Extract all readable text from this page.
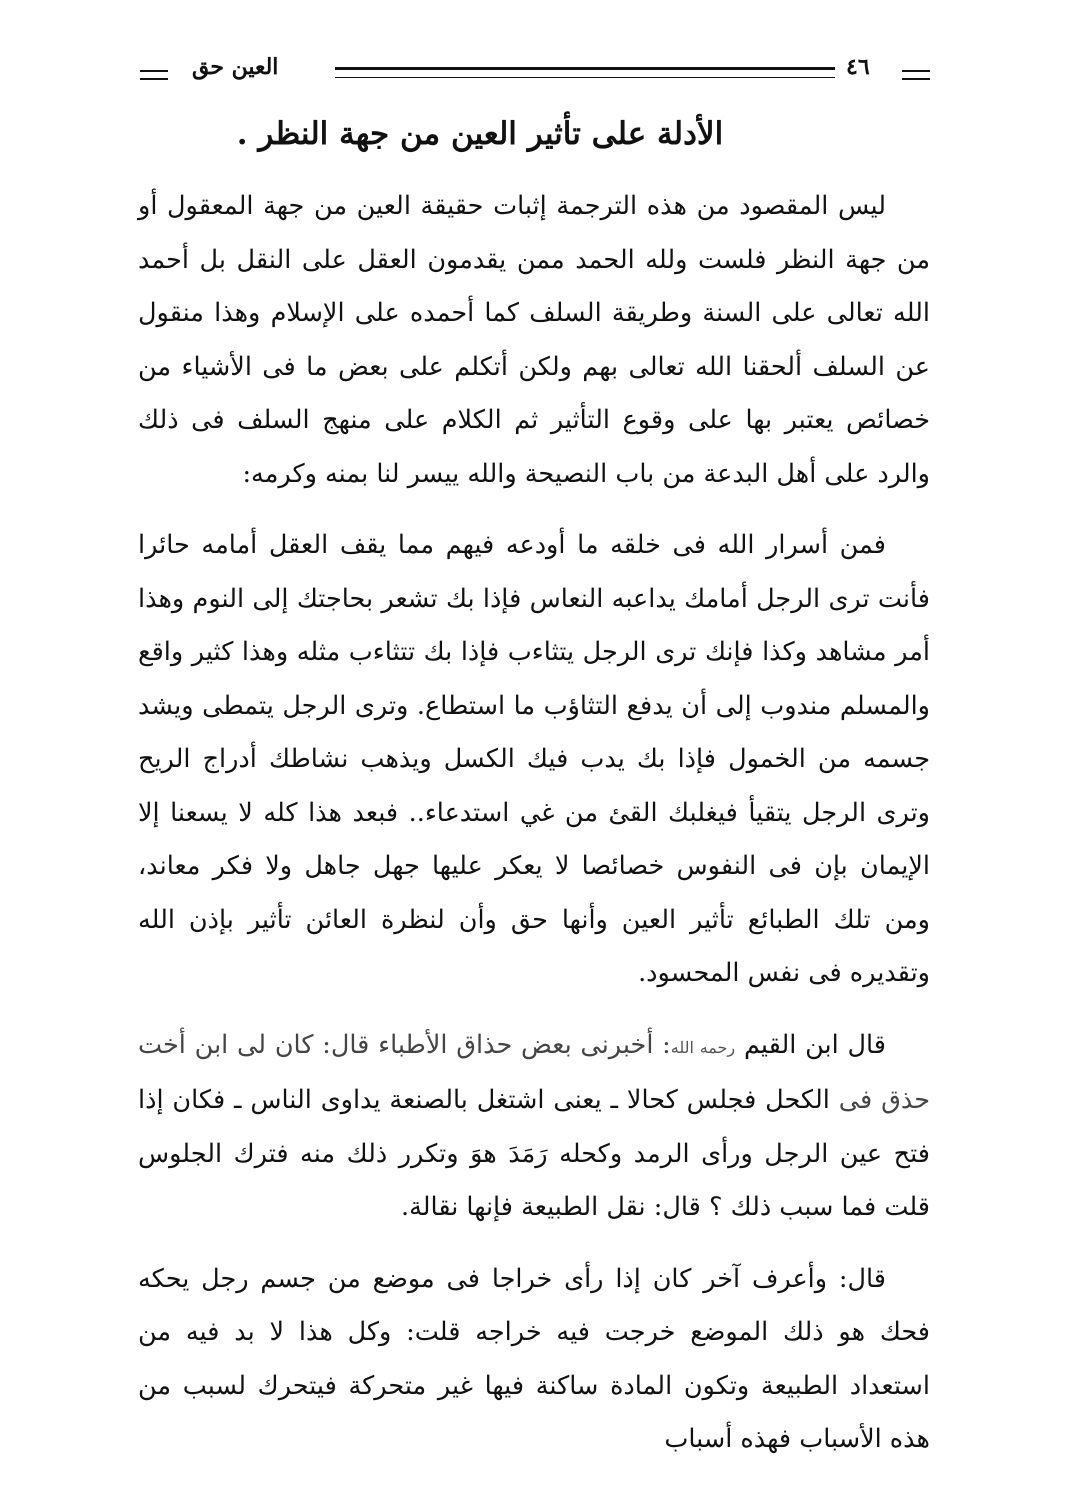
العين حق	٤٦
الأدلة على تأثير العين من جهة النظر .

ليس المقصود من هذه الترجمة إثبات حقيقة العين من جهة المعقول أو من جهة النظر فلست ولله الحمد ممن يقدمون العقل على النقل بل أحمد الله تعالى على السنة وطريقة السلف كما أحمده على الإسلام وهذا منقول عن السلف ألحقنا الله تعالى بهم ولكن أتكلم على بعض ما فى الأشياء من خصائص يعتبر بها على وقوع التأثير ثم الكلام على منهج السلف فى ذلك والرد على أهل البدعة من باب النصيحة والله ييسر لنا بمنه وكرمه:

فمن أسرار الله فى خلقه ما أودعه فيهم مما يقف العقل أمامه حائرا فأنت ترى الرجل أمامك يداعبه النعاس فإذا بك تشعر بحاجتك إلى النوم وهذا أمر مشاهد وكذا فإنك ترى الرجل يتثاءب فإذا بك تتثاءب مثله وهذا كثير واقع والمسلم مندوب إلى أن يدفع التثاؤب ما استطاع. وترى الرجل يتمطى ويشد جسمه من الخمول فإذا بك يدب فيك الكسل ويذهب نشاطك أدراج الريح وترى الرجل يتقيأ فيغلبك القئ من غي استدعاء.. فبعد هذا كله لا يسعنا إلا الإيمان بإن فى النفوس خصائصا لا يعكر عليها جهل جاهل ولا فكر معاند، ومن تلك الطبائع تأثير العين وأنها حق وأن لنظرة العائن تأثير بإذن الله وتقديره فى نفس المحسود.

قال ابن القيم رحمه الله: أخبرنى بعض حذاق الأطباء قال: كان لى ابن أخت حذق فى الكحل فجلس كحالا ـ يعنى اشتغل بالصنعة يداوى الناس ـ فكان إذا فتح عين الرجل ورأى الرمد وكحله رَمَدَ هوَ وتكرر ذلك منه فترك الجلوس قلت فما سبب ذلك ؟ قال: نقل الطبيعة فإنها نقالة.

قال: وأعرف آخر كان إذا رأى خراجا فى موضع من جسم رجل يحكه فحك هو ذلك الموضع خرجت فيه خراجه قلت: وكل هذا لا بد فيه من استعداد الطبيعة وتكون المادة ساكنة فيها غير متحركة فيتحرك لسبب من هذه الأسباب فهذه أسباب
